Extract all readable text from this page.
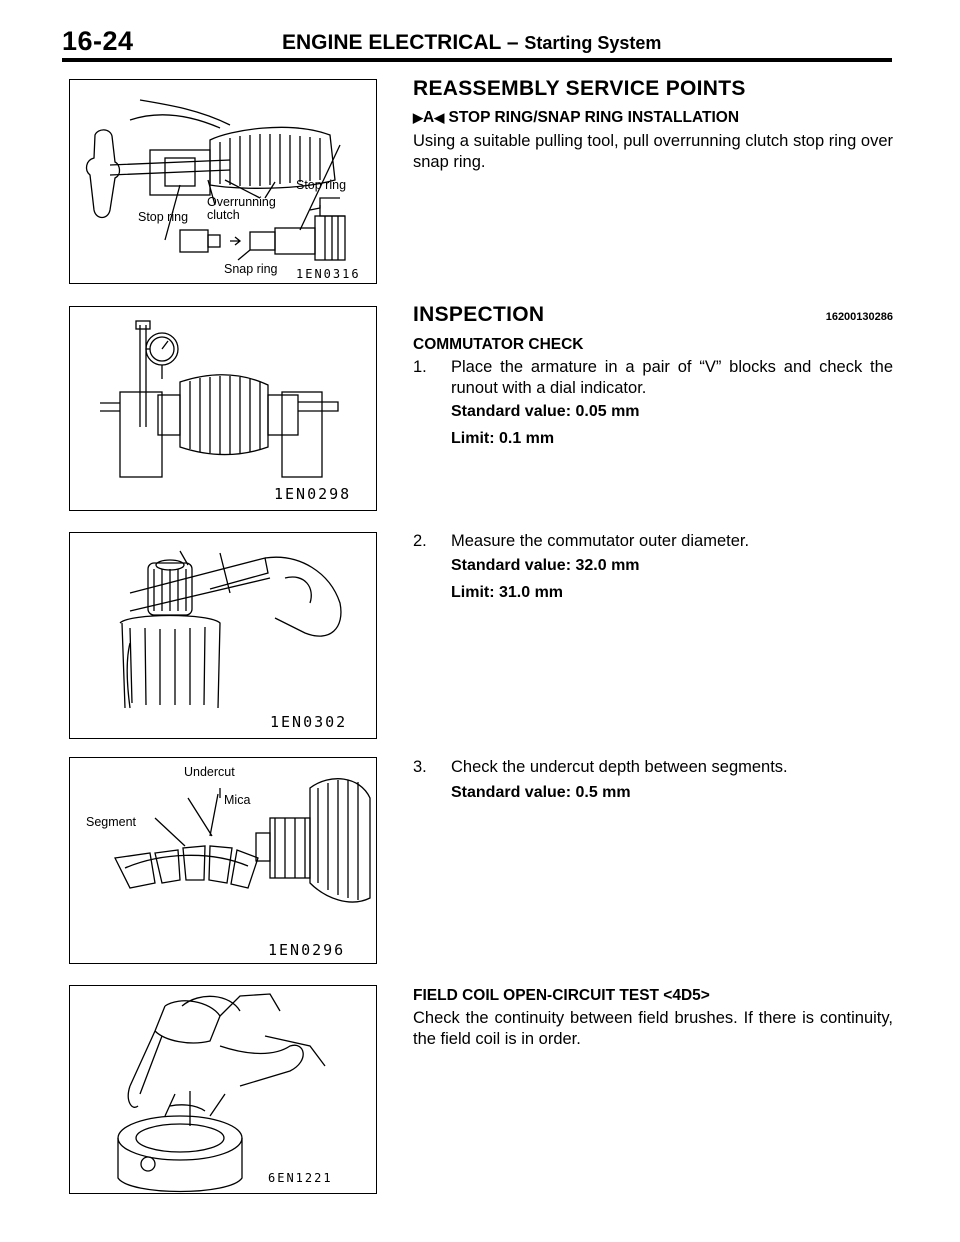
16-24	ENGINE ELECTRICAL – Starting System
Stop ring
Overrunning
clutch
Stop ring
Snap ring 1EN0316
1EN0298
1EN0302
Undercut
Mica
Segment
1EN0296
6EN1221
REASSEMBLY SERVICE POINTS
▶A◀ STOP RING/SNAP RING INSTALLATION
Using a suitable pulling tool, pull overrunning clutch stop ring over snap ring.
INSPECTION	16200130286
COMMUTATOR CHECK
1. Place the armature in a pair of “V” blocks and check the runout with a dial indicator.
Standard value: 0.05 mm
Limit: 0.1 mm
2. Measure the commutator outer diameter.
Standard value: 32.0 mm
Limit: 31.0 mm
3. Check the undercut depth between segments.
Standard value: 0.5 mm
FIELD COIL OPEN-CIRCUIT TEST <4D5>
Check the continuity between field brushes. If there is continuity, the field coil is in order.
